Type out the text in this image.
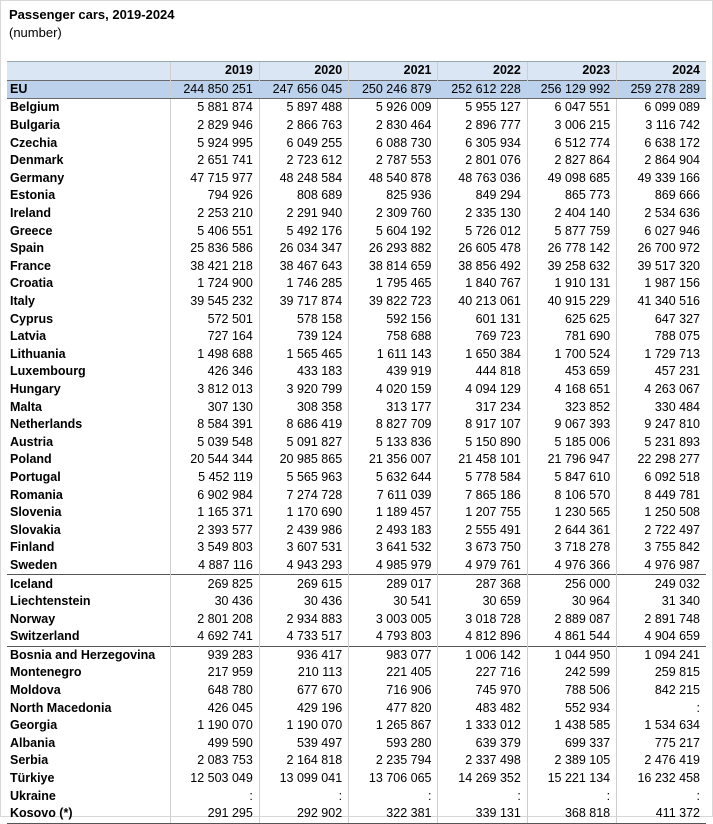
Passenger cars, 2019-2024
(number)
	2019	2020	2021	2022	2023	2024
EU	244 850 251	247 656 045	250 246 879	252 612 228	256 129 992	259 278 289
Belgium	5 881 874	5 897 488	5 926 009	5 955 127	6 047 551	6 099 089
Bulgaria	2 829 946	2 866 763	2 830 464	2 896 777	3 006 215	3 116 742
Czechia	5 924 995	6 049 255	6 088 730	6 305 934	6 512 774	6 638 172
Denmark	2 651 741	2 723 612	2 787 553	2 801 076	2 827 864	2 864 904
Germany	47 715 977	48 248 584	48 540 878	48 763 036	49 098 685	49 339 166
Estonia	794 926	808 689	825 936	849 294	865 773	869 666
Ireland	2 253 210	2 291 940	2 309 760	2 335 130	2 404 140	2 534 636
Greece	5 406 551	5 492 176	5 604 192	5 726 012	5 877 759	6 027 946
Spain	25 836 586	26 034 347	26 293 882	26 605 478	26 778 142	26 700 972
France	38 421 218	38 467 643	38 814 659	38 856 492	39 258 632	39 517 320
Croatia	1 724 900	1 746 285	1 795 465	1 840 767	1 910 131	1 987 156
Italy	39 545 232	39 717 874	39 822 723	40 213 061	40 915 229	41 340 516
Cyprus	572 501	578 158	592 156	601 131	625 625	647 327
Latvia	727 164	739 124	758 688	769 723	781 690	788 075
Lithuania	1 498 688	1 565 465	1 611 143	1 650 384	1 700 524	1 729 713
Luxembourg	426 346	433 183	439 919	444 818	453 659	457 231
Hungary	3 812 013	3 920 799	4 020 159	4 094 129	4 168 651	4 263 067
Malta	307 130	308 358	313 177	317 234	323 852	330 484
Netherlands	8 584 391	8 686 419	8 827 709	8 917 107	9 067 393	9 247 810
Austria	5 039 548	5 091 827	5 133 836	5 150 890	5 185 006	5 231 893
Poland	20 544 344	20 985 865	21 356 007	21 458 101	21 796 947	22 298 277
Portugal	5 452 119	5 565 963	5 632 644	5 778 584	5 847 610	6 092 518
Romania	6 902 984	7 274 728	7 611 039	7 865 186	8 106 570	8 449 781
Slovenia	1 165 371	1 170 690	1 189 457	1 207 755	1 230 565	1 250 508
Slovakia	2 393 577	2 439 986	2 493 183	2 555 491	2 644 361	2 722 497
Finland	3 549 803	3 607 531	3 641 532	3 673 750	3 718 278	3 755 842
Sweden	4 887 116	4 943 293	4 985 979	4 979 761	4 976 366	4 976 987
Iceland	269 825	269 615	289 017	287 368	256 000	249 032
Liechtenstein	30 436	30 436	30 541	30 659	30 964	31 340
Norway	2 801 208	2 934 883	3 003 005	3 018 728	2 889 087	2 891 748
Switzerland	4 692 741	4 733 517	4 793 803	4 812 896	4 861 544	4 904 659
Bosnia and Herzegovina	939 283	936 417	983 077	1 006 142	1 044 950	1 094 241
Montenegro	217 959	210 113	221 405	227 716	242 599	259 815
Moldova	648 780	677 670	716 906	745 970	788 506	842 215
North Macedonia	426 045	429 196	477 820	483 482	552 934	:
Georgia	1 190 070	1 190 070	1 265 867	1 333 012	1 438 585	1 534 634
Albania	499 590	539 497	593 280	639 379	699 337	775 217
Serbia	2 083 753	2 164 818	2 235 794	2 337 498	2 389 105	2 476 419
Türkiye	12 503 049	13 099 041	13 706 065	14 269 352	15 221 134	16 232 458
Ukraine	:	:	:	:	:	:
Kosovo (*)	291 295	292 902	322 381	339 131	368 818	411 372
